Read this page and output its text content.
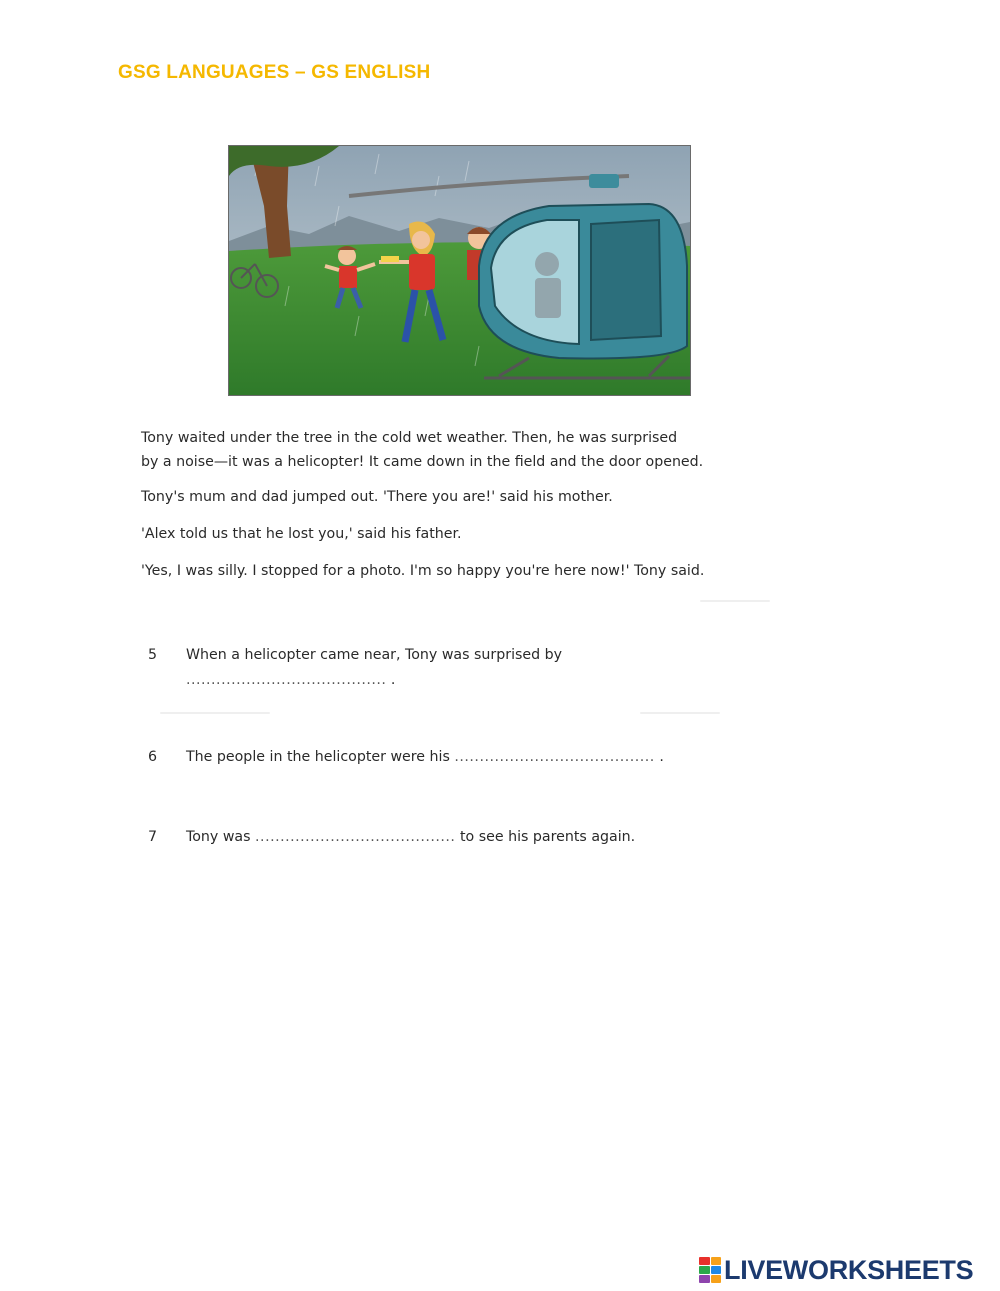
GSG LANGUAGES – GS ENGLISH

Tony waited under the tree in the cold wet weather. Then, he was surprised

by a noise—it was a helicopter! It came down in the field and the door opened.

Tony's mum and dad jumped out. 'There you are!' said his mother.

'Alex told us that he lost you,' said his father.

'Yes, I was silly. I stopped for a photo. I'm so happy you're here now!' Tony said.

5 When a helicopter came near, Tony was surprised by
........................................ .
6 The people in the helicopter were his ........................................ .
7 Tony was ........................................ to see his parents again.
LIVEWORKSHEETS
